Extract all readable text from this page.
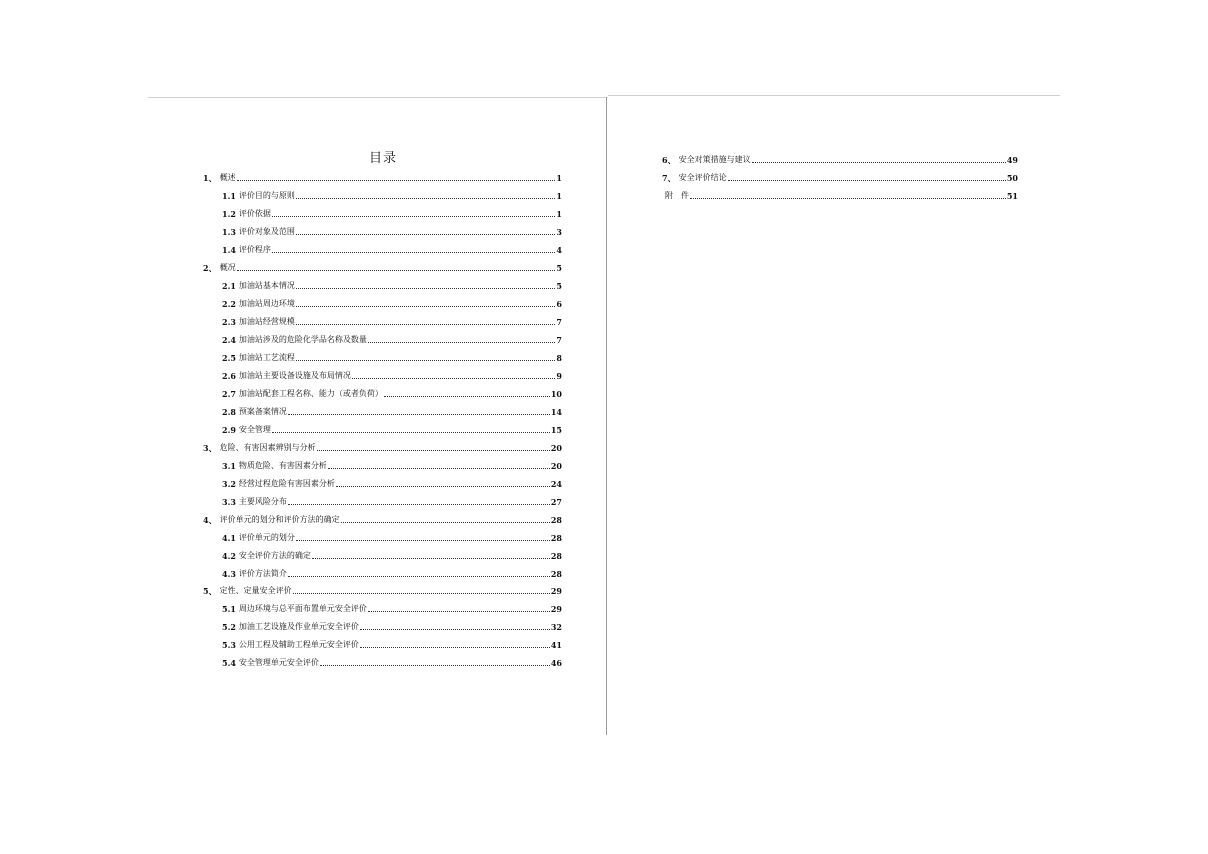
目录
1、 概述	1
1.1 评价目的与原则	1
1.2 评价依据	1
1.3 评价对象及范围	3
1.4 评价程序	4
2、 概况	5
2.1 加油站基本情况	5
2.2 加油站周边环境	6
2.3 加油站经营规模	7
2.4 加油站涉及的危险化学品名称及数量	7
2.5 加油站工艺流程	8
2.6 加油站主要设备设施及布局情况	9
2.7 加油站配套工程名称、能力（或者负荷）	10
2.8 预案备案情况	14
2.9 安全管理	15
3、 危险、有害因素辨别与分析	20
3.1 物质危险、有害因素分析	20
3.2 经营过程危险有害因素分析	24
3.3 主要风险分布	27
4、 评价单元的划分和评价方法的确定	28
4.1 评价单元的划分	28
4.2 安全评价方法的确定	28
4.3 评价方法简介	28
5、 定性、定量安全评价	29
5.1 周边环境与总平面布置单元安全评价	29
5.2 加油工艺设施及作业单元安全评价	32
5.3 公用工程及辅助工程单元安全评价	41
5.4 安全管理单元安全评价	46
6、 安全对策措施与建议	49
7、 安全评价结论	50
附　件	51
